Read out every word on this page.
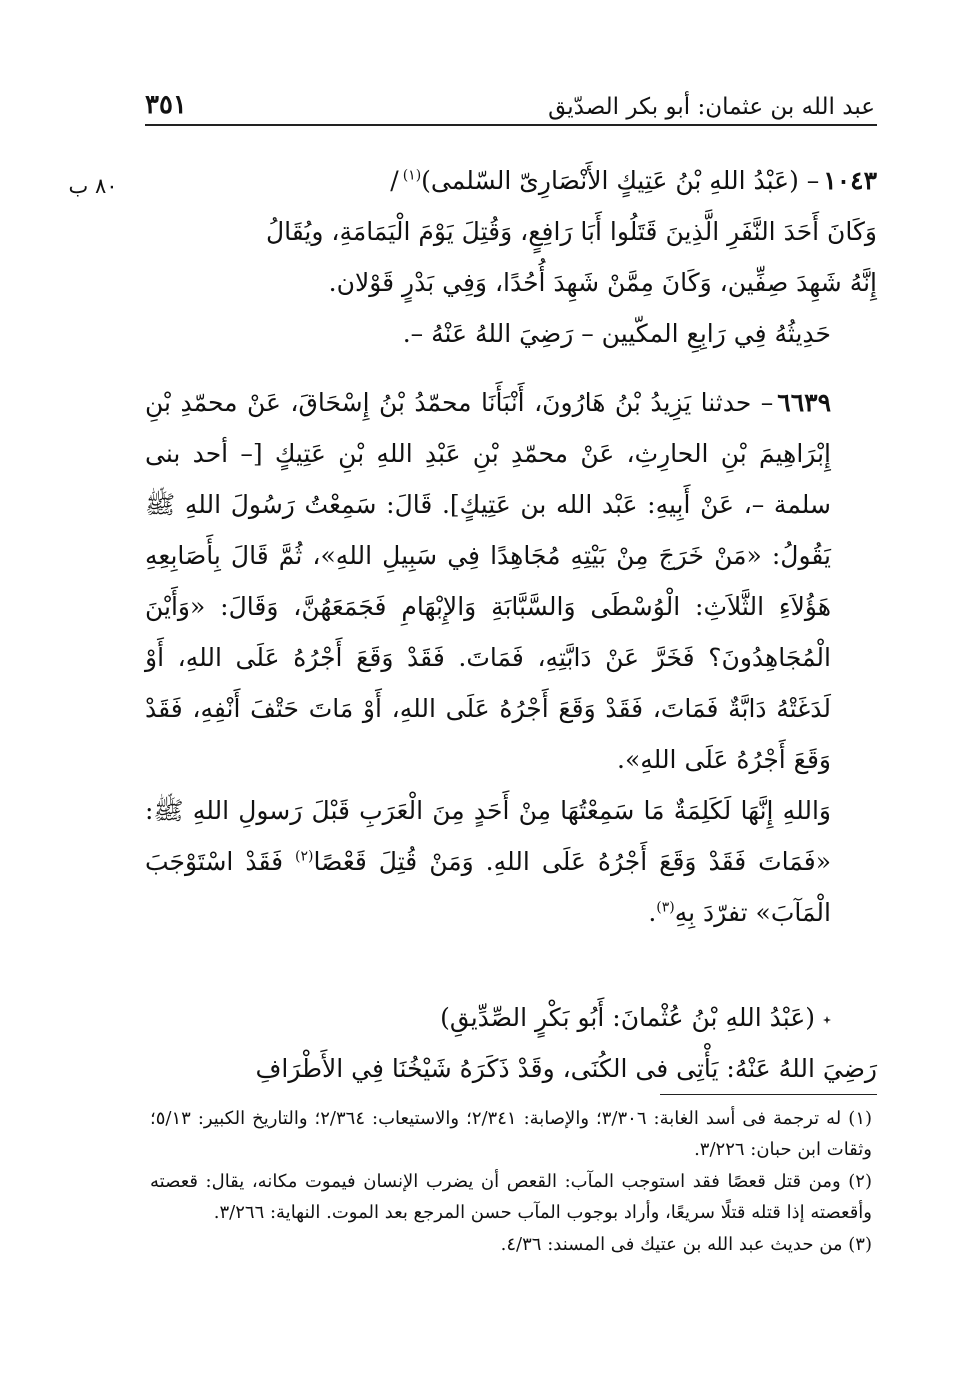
عبد الله بن عثمان: أبو بكر الصدّيق
٣٥١
٨٠ ب	١٠٤٣– (عَبْدُ اللهِ بْنُ عَتِيكٍ الأَنْصَارِىّ السّلمى)$^{(١)}$/

وَكَانَ أَحَدَ النَّفَرِ الَّذِينَ قَتَلُوا أَبَا رَافِعٍ، وَقُتِلَ يَوْمَ الْيَمَامَةِ، ويُقَالُ

إِنَّهُ شَهِدَ صِفِّين، وَكَانَ مِمَّنْ شَهِدَ أُحُدًا، وَفِي بَدْرٍ قَوْلان.

حَدِيثُهُ فِي رَابِعِ المكّيين – رَضِيَ اللهُ عَنْهُ –.

٦٦٣٩– حدثنا يَزِيدُ بْنُ هَارُونَ، أَنْبَأَنَا محمّدُ بْنُ إِسْحَاقَ، عَنْ محمّدِ بْنِ إِبْرَاهِيمَ بْنِ الحارِثِ، عَنْ محمّدِ بْنِ عَبْدِ اللهِ بْنِ عَتِيكٍ [– أحد بنى سلمة –، عَنْ أَبِيهِ: عَبْد الله بن عَتِيكٍ]. قَالَ: سَمِعْتُ رَسُولَ اللهِ ﷺ يَقُولُ: «مَنْ خَرَجَ مِنْ بَيْتِهِ مُجَاهِدًا فِي سَبِيلِ اللهِ»، ثُمَّ قَالَ بِأَصَابِعِهِ هَؤُلاَءِ الثَّلاَثِ: الْوُسْطَى وَالسَّبَّابَةِ وَالإِبْهَامِ فَجَمَعَهُنَّ، وَقَالَ: «وَأَيْنَ الْمُجَاهِدُونَ؟ فَخَرَّ عَنْ دَابَّتِهِ، فَمَاتَ. فَقَدْ وَقَعَ أَجْرُهُ عَلَى اللهِ، أَوْ لَدَغَتْهُ دَابَّةٌ فَمَاتَ، فَقَدْ وَقَعَ أَجْرُهُ عَلَى اللهِ، أَوْ مَاتَ حَتْفَ أَنْفِهِ، فَقَدْ وَقَعَ أَجْرُهُ عَلَى اللهِ».

وَاللهِ إِنَّهَا لَكَلِمَةٌ مَا سَمِعْتُهَا مِنْ أَحَدٍ مِنَ الْعَرَبِ قَبْلَ رَسولِ اللهِ ﷺ: «فَمَاتَ فَقَدْ وَقَعَ أَجْرُهُ عَلَى اللهِ. وَمَنْ قُتِلَ قَعْصًا$^{(٢)}$ فَقَدْ اسْتَوْجَبَ الْمَآبَ» تفرّدَ بِهِ$^{(٣)}$.

(عَبْدُ اللهِ بْنُ عُثْمانَ: أَبُو بَكْرٍ الصِّدِّيقِ)

رَضِيَ اللهُ عَنْهُ: يَأْتِى فى الكُنَى، وقَدْ ذَكَرَهُ شَيْخُنَا فِي الأَطْرَافِ

(١) له ترجمة فى أسد الغابة: ٣/٣٠٦؛ والإصابة: ٢/٣٤١؛ والاستيعاب: ٢/٣٦٤؛ والتاريخ الكبير: ٥/١٣؛ وثقات ابن حبان: ٣/٢٢٦.

(٢) ومن قتل قعصًا فقد استوجب المآب: القعص أن يضرب الإنسان فيموت مكانه، يقال: قعصته وأقعصته إذا قتله قتلًا سريعًا، وأراد بوجوب المآب حسن المرجع بعد الموت. النهاية: ٣/٢٦٦.

(٣) من حديث عبد الله بن عتيك فى المسند: ٤/٣٦.
